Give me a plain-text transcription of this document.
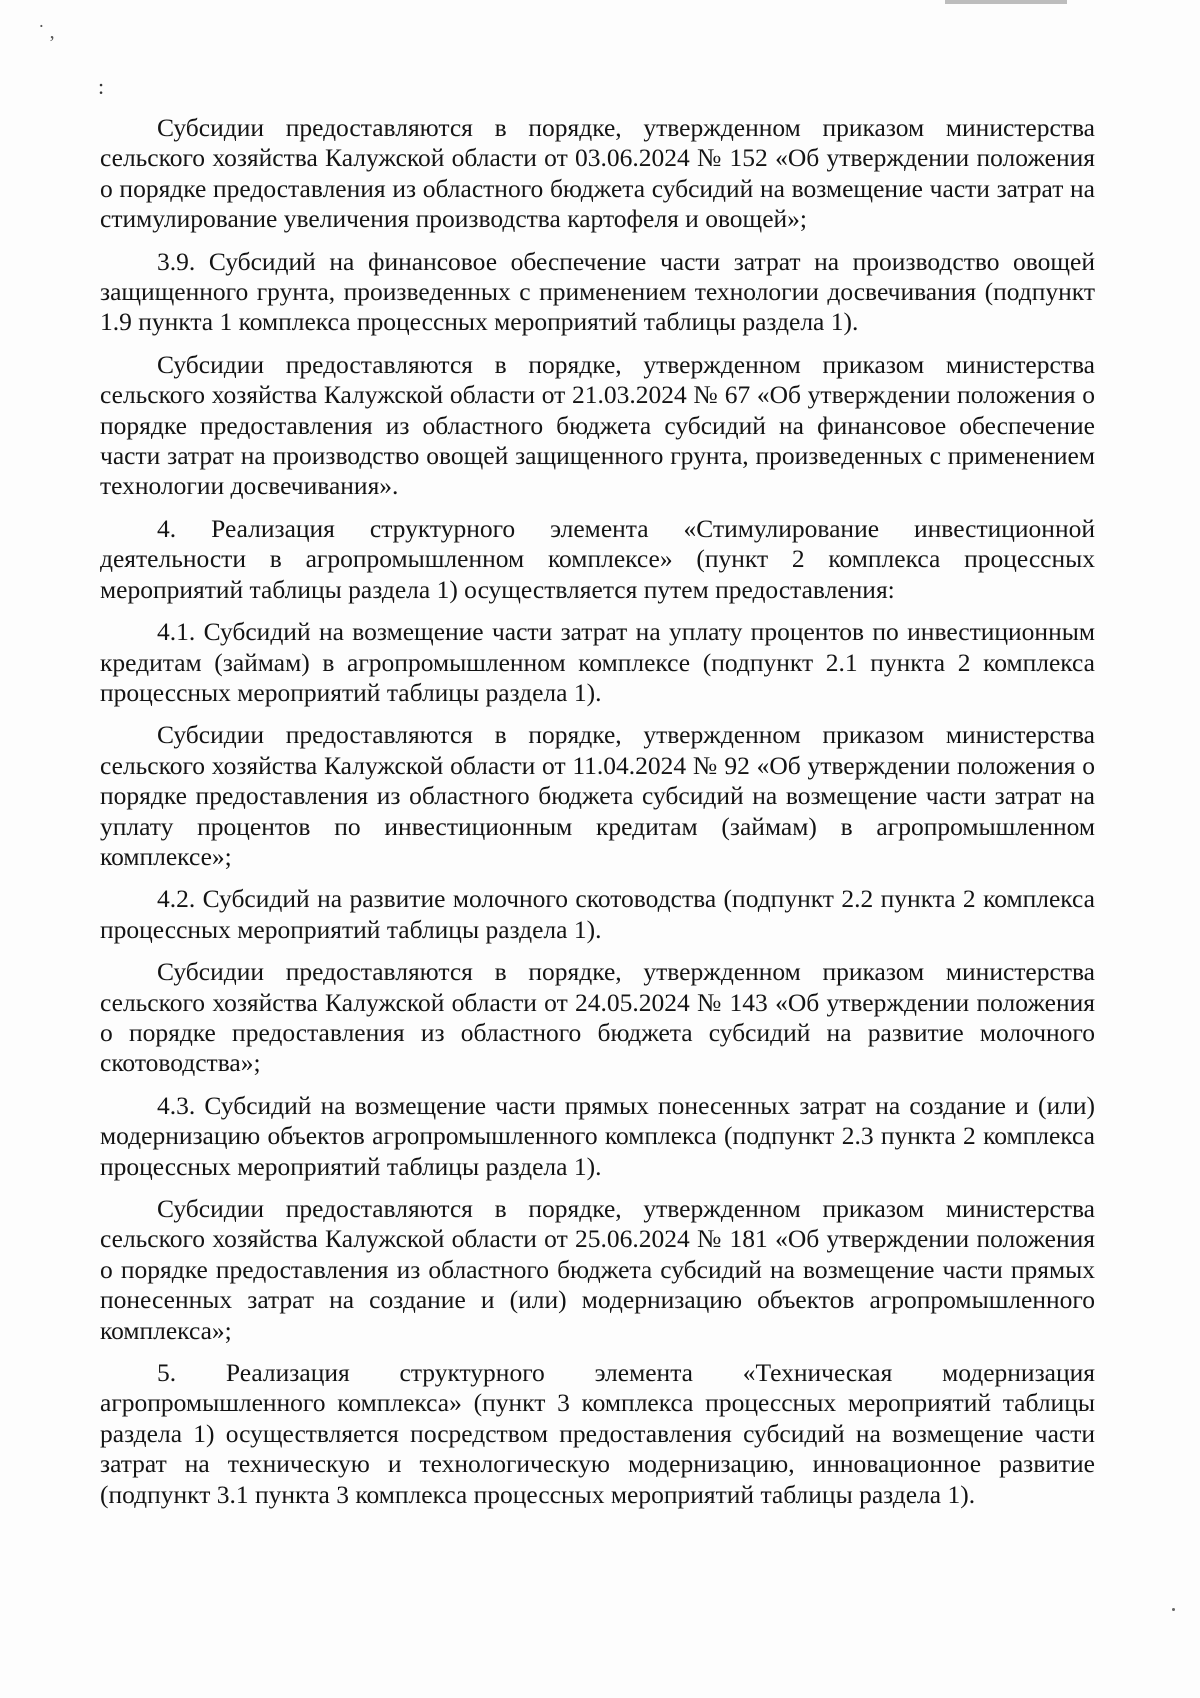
˙ ,
:

Субсидии предоставляются в порядке, утвержденном приказом министерства сельского хозяйства Калужской области от 03.06.2024 № 152 «Об утверждении положения о порядке предоставления из областного бюджета субсидий на возмещение части затрат на стимулирование увеличения производства картофеля и овощей»;

3.9. Субсидий на финансовое обеспечение части затрат на производство овощей защищенного грунта, произведенных с применением технологии досвечивания (подпункт 1.9 пункта 1 комплекса процессных мероприятий таблицы раздела 1).

Субсидии предоставляются в порядке, утвержденном приказом министерства сельского хозяйства Калужской области от 21.03.2024 № 67 «Об утверждении положения о порядке предоставления из областного бюджета субсидий на финансовое обеспечение части затрат на производство овощей защищенного грунта, произведенных с применением технологии досвечивания».

4. Реализация структурного элемента «Стимулирование инвестиционной деятельности в агропромышленном комплексе» (пункт 2 комплекса процессных мероприятий таблицы раздела 1) осуществляется путем предоставления:

4.1. Субсидий на возмещение части затрат на уплату процентов по инвестиционным кредитам (займам) в агропромышленном комплексе (подпункт 2.1 пункта 2 комплекса процессных мероприятий таблицы раздела 1).

Субсидии предоставляются в порядке, утвержденном приказом министерства сельского хозяйства Калужской области от 11.04.2024 № 92 «Об утверждении положения о порядке предоставления из областного бюджета субсидий на возмещение части затрат на уплату процентов по инвестиционным кредитам (займам) в агропромышленном комплексе»;

4.2. Субсидий на развитие молочного скотоводства (подпункт 2.2 пункта 2 комплекса процессных мероприятий таблицы раздела 1).

Субсидии предоставляются в порядке, утвержденном приказом министерства сельского хозяйства Калужской области от 24.05.2024 № 143 «Об утверждении положения о порядке предоставления из областного бюджета субсидий на развитие молочного скотоводства»;

4.3. Субсидий на возмещение части прямых понесенных затрат на создание и (или) модернизацию объектов агропромышленного комплекса (подпункт 2.3 пункта 2 комплекса процессных мероприятий таблицы раздела 1).

Субсидии предоставляются в порядке, утвержденном приказом министерства сельского хозяйства Калужской области от 25.06.2024 № 181 «Об утверждении положения о порядке предоставления из областного бюджета субсидий на возмещение части прямых понесенных затрат на создание и (или) модернизацию объектов агропромышленного комплекса»;

5. Реализация структурного элемента «Техническая модернизация агропромышленного комплекса» (пункт 3 комплекса процессных мероприятий таблицы раздела 1) осуществляется посредством предоставления субсидий на возмещение части затрат на техническую и технологическую модернизацию, инновационное развитие (подпункт 3.1 пункта 3 комплекса процессных мероприятий таблицы раздела 1).
